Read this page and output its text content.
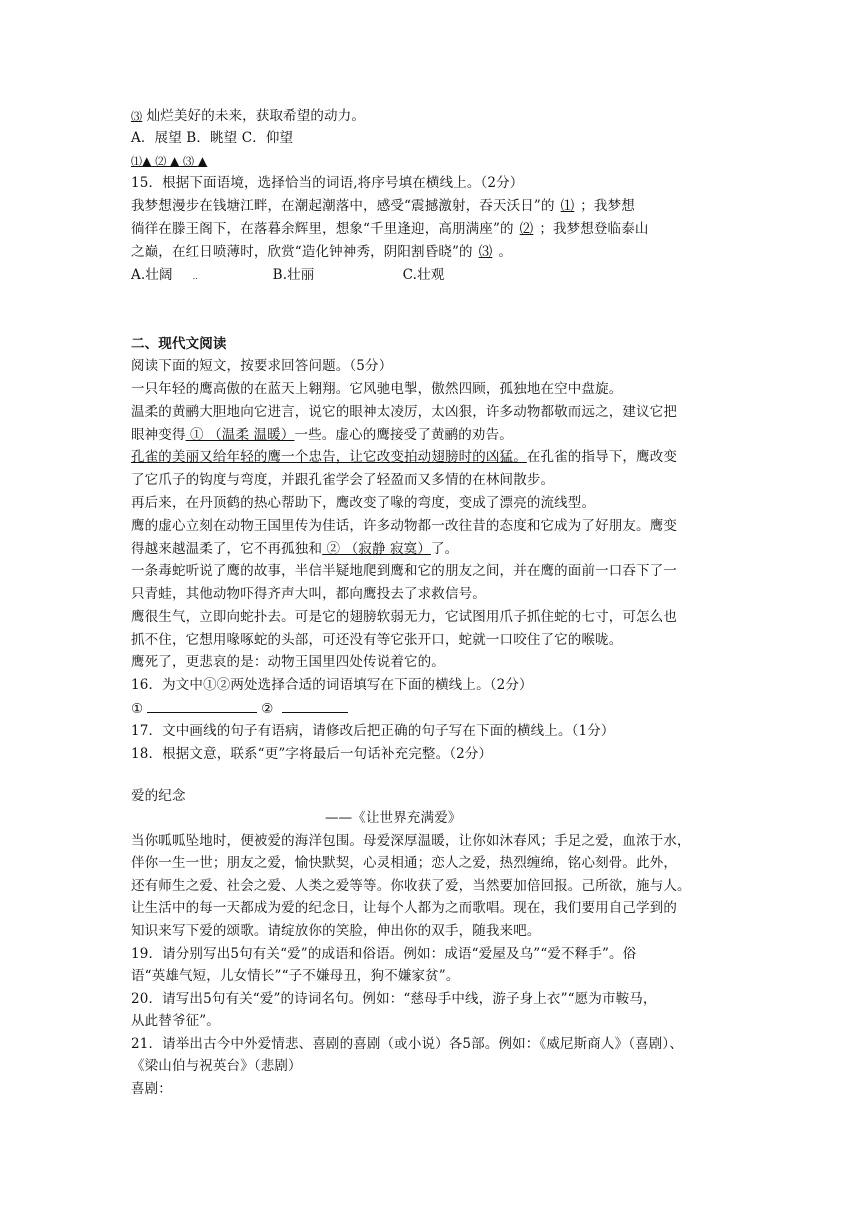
⑶ 灿烂美好的未来，获取希望的动力。
A．展望 B．眺望 C．仰望
⑴▲ ⑵ ▲ ⑶ ▲
15．根据下面语境，选择恰当的词语,将序号填在横线上。（2分）
我梦想漫步在钱塘江畔，在潮起潮落中，感受“震撼激射，吞天沃日”的 ⑴ ；我梦想
徜徉在滕王阁下，在落暮余辉里，想象“千里逢迎，高朋满座”的 ⑵ ；我梦想登临泰山
之巅，在红日喷薄时，欣赏“造化钟神秀，阴阳割昏晓”的 ⑶ 。
A.壮阔	..	B.壮丽	C.壮观
二、现代文阅读
阅读下面的短文，按要求回答问题。（5分）
一只年轻的鹰高傲的在蓝天上翱翔。它风驰电掣，傲然四顾，孤独地在空中盘旋。
温柔的黄鹂大胆地向它进言，说它的眼神太凌厉，太凶狠，许多动物都敬而远之，建议它把
眼神变得 ① （温柔 温暖）一些。虚心的鹰接受了黄鹂的劝告。
孔雀的美丽又给年轻的鹰一个忠告，让它改变拍动翅膀时的凶猛。在孔雀的指导下，鹰改变
了它爪子的钩度与弯度，并跟孔雀学会了轻盈而又多情的在林间散步。
再后来，在丹顶鹤的热心帮助下，鹰改变了喙的弯度，变成了漂亮的流线型。
鹰的虚心立刻在动物王国里传为佳话，许多动物都一改往昔的态度和它成为了好朋友。鹰变
得越来越温柔了，它不再孤独和 ② （寂静 寂寞）了。
一条毒蛇听说了鹰的故事，半信半疑地爬到鹰和它的朋友之间，并在鹰的面前一口吞下了一
只青蛙，其他动物吓得齐声大叫，都向鹰投去了求救信号。
鹰很生气，立即向蛇扑去。可是它的翅膀软弱无力，它试图用爪子抓住蛇的七寸，可怎么也
抓不住，它想用喙啄蛇的头部，可还没有等它张开口，蛇就一口咬住了它的喉咙。
鹰死了，更悲哀的是：动物王国里四处传说着它的。
16．为文中①②两处选择合适的词语填写在下面的横线上。（2分）
①	②
17．文中画线的句子有语病，请修改后把正确的句子写在下面的横线上。（1分）
18．根据文意，联系“更”字将最后一句话补充完整。（2分）
爱的纪念
——《让世界充满爱》
当你呱呱坠地时，便被爱的海洋包围。母爱深厚温暖，让你如沐春风；手足之爱，血浓于水，
伴你一生一世；朋友之爱，愉快默契，心灵相通；恋人之爱，热烈缠绵，铭心刻骨。此外，
还有师生之爱、社会之爱、人类之爱等等。你收获了爱，当然要加倍回报。己所欲，施与人。
让生活中的每一天都成为爱的纪念日，让每个人都为之而歌唱。现在，我们要用自己学到的
知识来写下爱的颂歌。请绽放你的笑脸，伸出你的双手，随我来吧。
19．请分别写出5句有关“爱”的成语和俗语。例如：成语“爱屋及乌”“爱不释手”。俗
语“英雄气短，儿女情长”“子不嫌母丑，狗不嫌家贫”。
20．请写出5句有关“爱”的诗词名句。例如：“慈母手中线，游子身上衣”“愿为市鞍马，
从此替爷征”。
21．请举出古今中外爱情悲、喜剧的喜剧（或小说）各5部。例如：《威尼斯商人》（喜剧）、
《梁山伯与祝英台》（悲剧）
喜剧：
